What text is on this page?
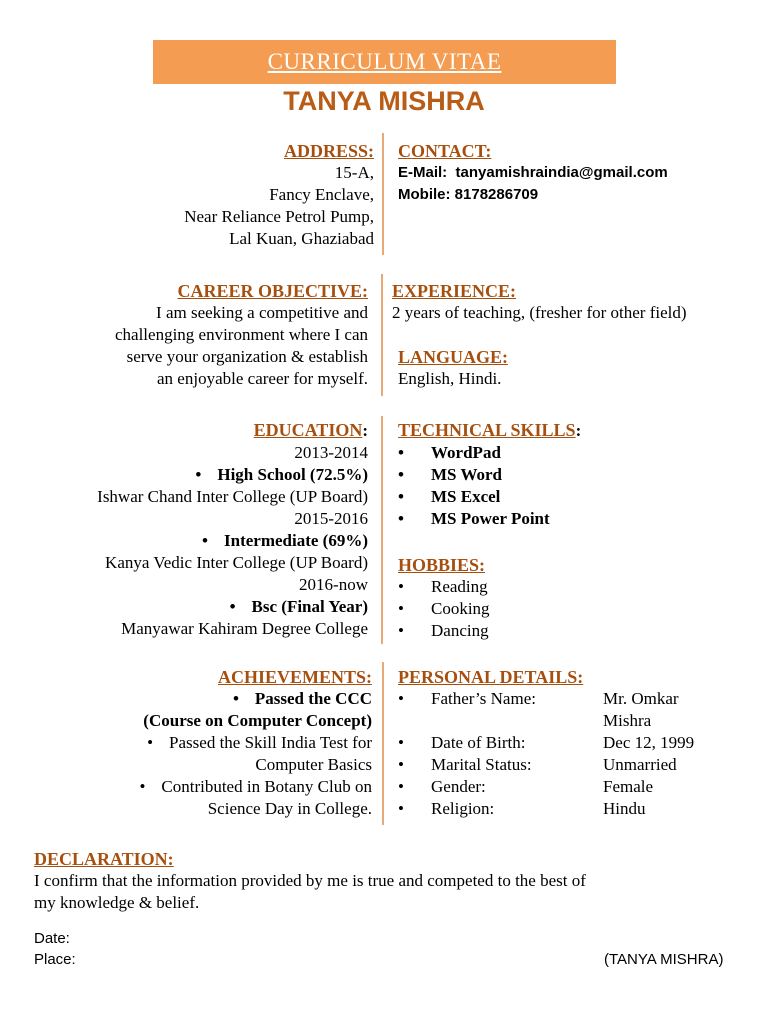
CURRICULUM VITAE
TANYA MISHRA
ADDRESS:
15-A,
Fancy Enclave,
Near Reliance Petrol Pump,
Lal Kuan, Ghaziabad
CONTACT:
E-Mail: tanyamishraindia@gmail.com
Mobile: 8178286709
CAREER OBJECTIVE:
I am seeking a competitive and
challenging environment where I can
serve your organization & establish
an enjoyable career for myself.
EXPERIENCE:
2 years of teaching, (fresher for other field)
LANGUAGE:
English, Hindi.
EDUCATION:
2013-2014
• High School (72.5%)
Ishwar Chand Inter College (UP Board)
2015-2016
• Intermediate (69%)
Kanya Vedic Inter College (UP Board)
2016-now
• Bsc (Final Year)
Manyawar Kahiram Degree College
TECHNICAL SKILLS:
•	WordPad
•	MS Word
•	MS Excel
•	MS Power Point
HOBBIES:
•	Reading
•	Cooking
•	Dancing
ACHIEVEMENTS:
• Passed the CCC
(Course on Computer Concept)
• Passed the Skill India Test for
Computer Basics
• Contributed in Botany Club on
Science Day in College.
PERSONAL DETAILS:
•	Father’s Name:	Mr. Omkar
Mishra
•	Date of Birth:	Dec 12, 1999
•	Marital Status:	Unmarried
•	Gender:	Female
•	Religion:	Hindu
DECLARATION:
I confirm that the information provided by me is true and competed to the best of
my knowledge & belief.
Date:
Place:	(TANYA MISHRA)
